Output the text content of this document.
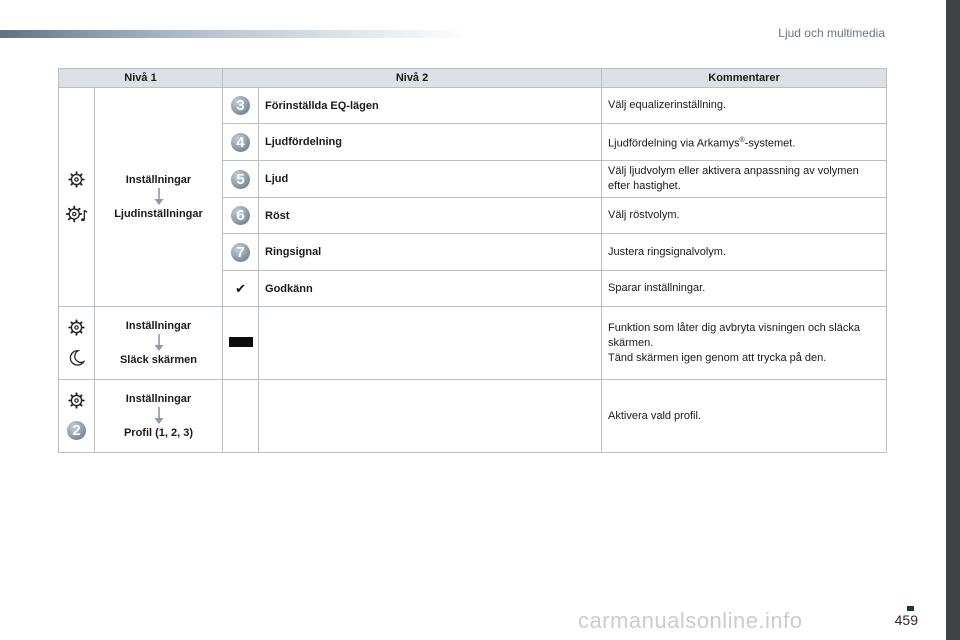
Ljud och multimedia
Nivå 1		Nivå 2		Kommentarer

Inställningar
Ljudinställningar	3	Förinställda EQ-lägen	Välj equalizerinställning.
		4	Ljudfördelning	Ljudfördelning via Arkamys®-systemet.
		5	Ljud	Välj ljudvolym eller aktivera anpassning av volymen efter hastighet.
		6	Röst	Välj röstvolym.
		7	Ringsignal	Justera ringsignalvolym.
		✔	Godkänn	Sparar inställningar.

Inställningar
Släck skärmen			Funktion som låter dig avbryta visningen och släcka skärmen.
Tänd skärmen igen genom att trycka på den.

2	Inställningar
Profil (1, 2, 3)			Aktivera vald profil.
459
carmanualsonline.info
